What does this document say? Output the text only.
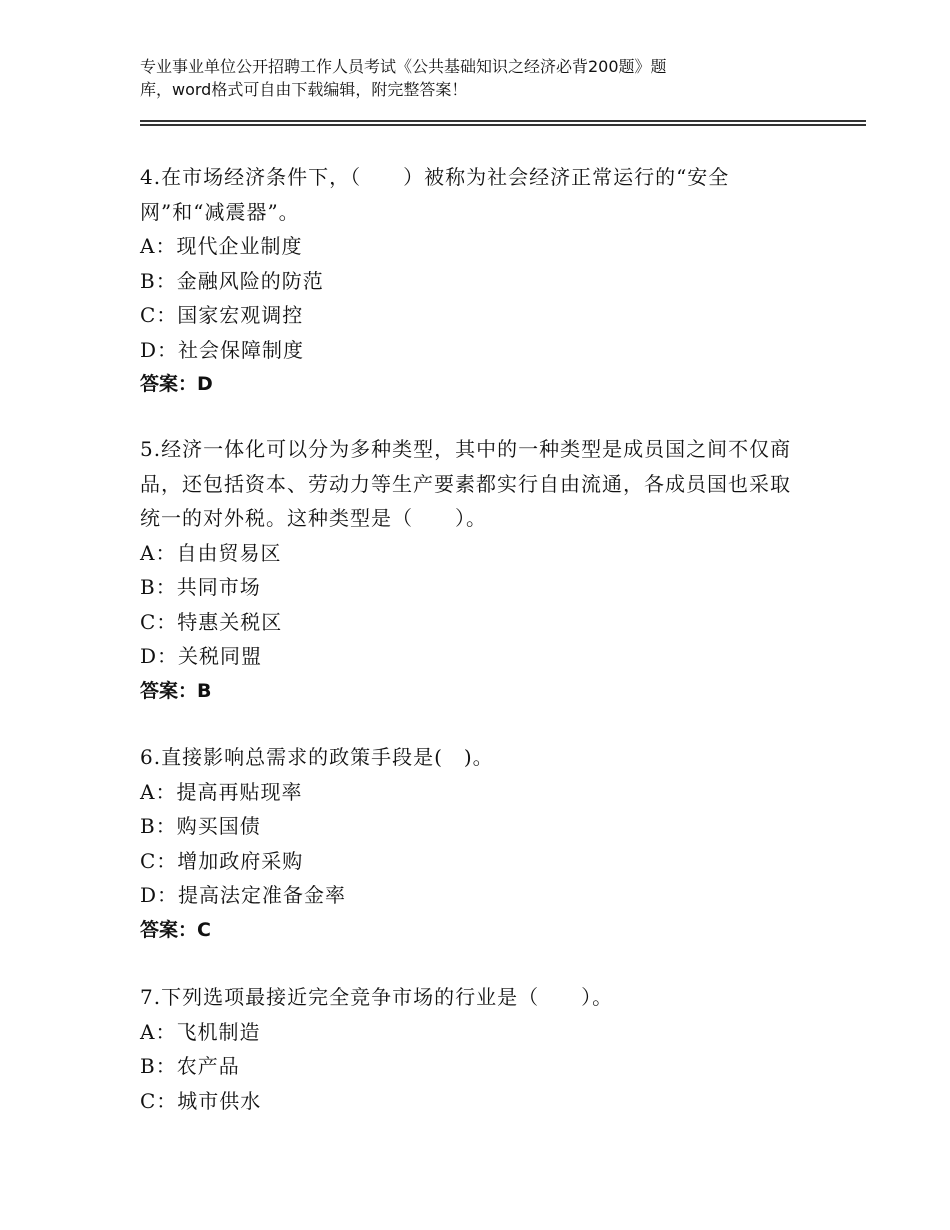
专业事业单位公开招聘工作人员考试《公共基础知识之经济必背200题》题
库，word格式可自由下载编辑，附完整答案！
4.在市场经济条件下，（　　）被称为社会经济正常运行的“安全网”和“减震器”。
A：现代企业制度
B：金融风险的防范
C：国家宏观调控
D：社会保障制度
答案：D
5.经济一体化可以分为多种类型，其中的一种类型是成员国之间不仅商品，还包括资本、劳动力等生产要素都实行自由流通，各成员国也采取统一的对外税。这种类型是（　　）。
A：自由贸易区
B：共同市场
C：特惠关税区
D：关税同盟
答案：B
6.直接影响总需求的政策手段是(　)。
A：提高再贴现率
B：购买国债
C：增加政府采购
D：提高法定准备金率
答案：C
7.下列选项最接近完全竞争市场的行业是（　　）。
A：飞机制造
B：农产品
C：城市供水
